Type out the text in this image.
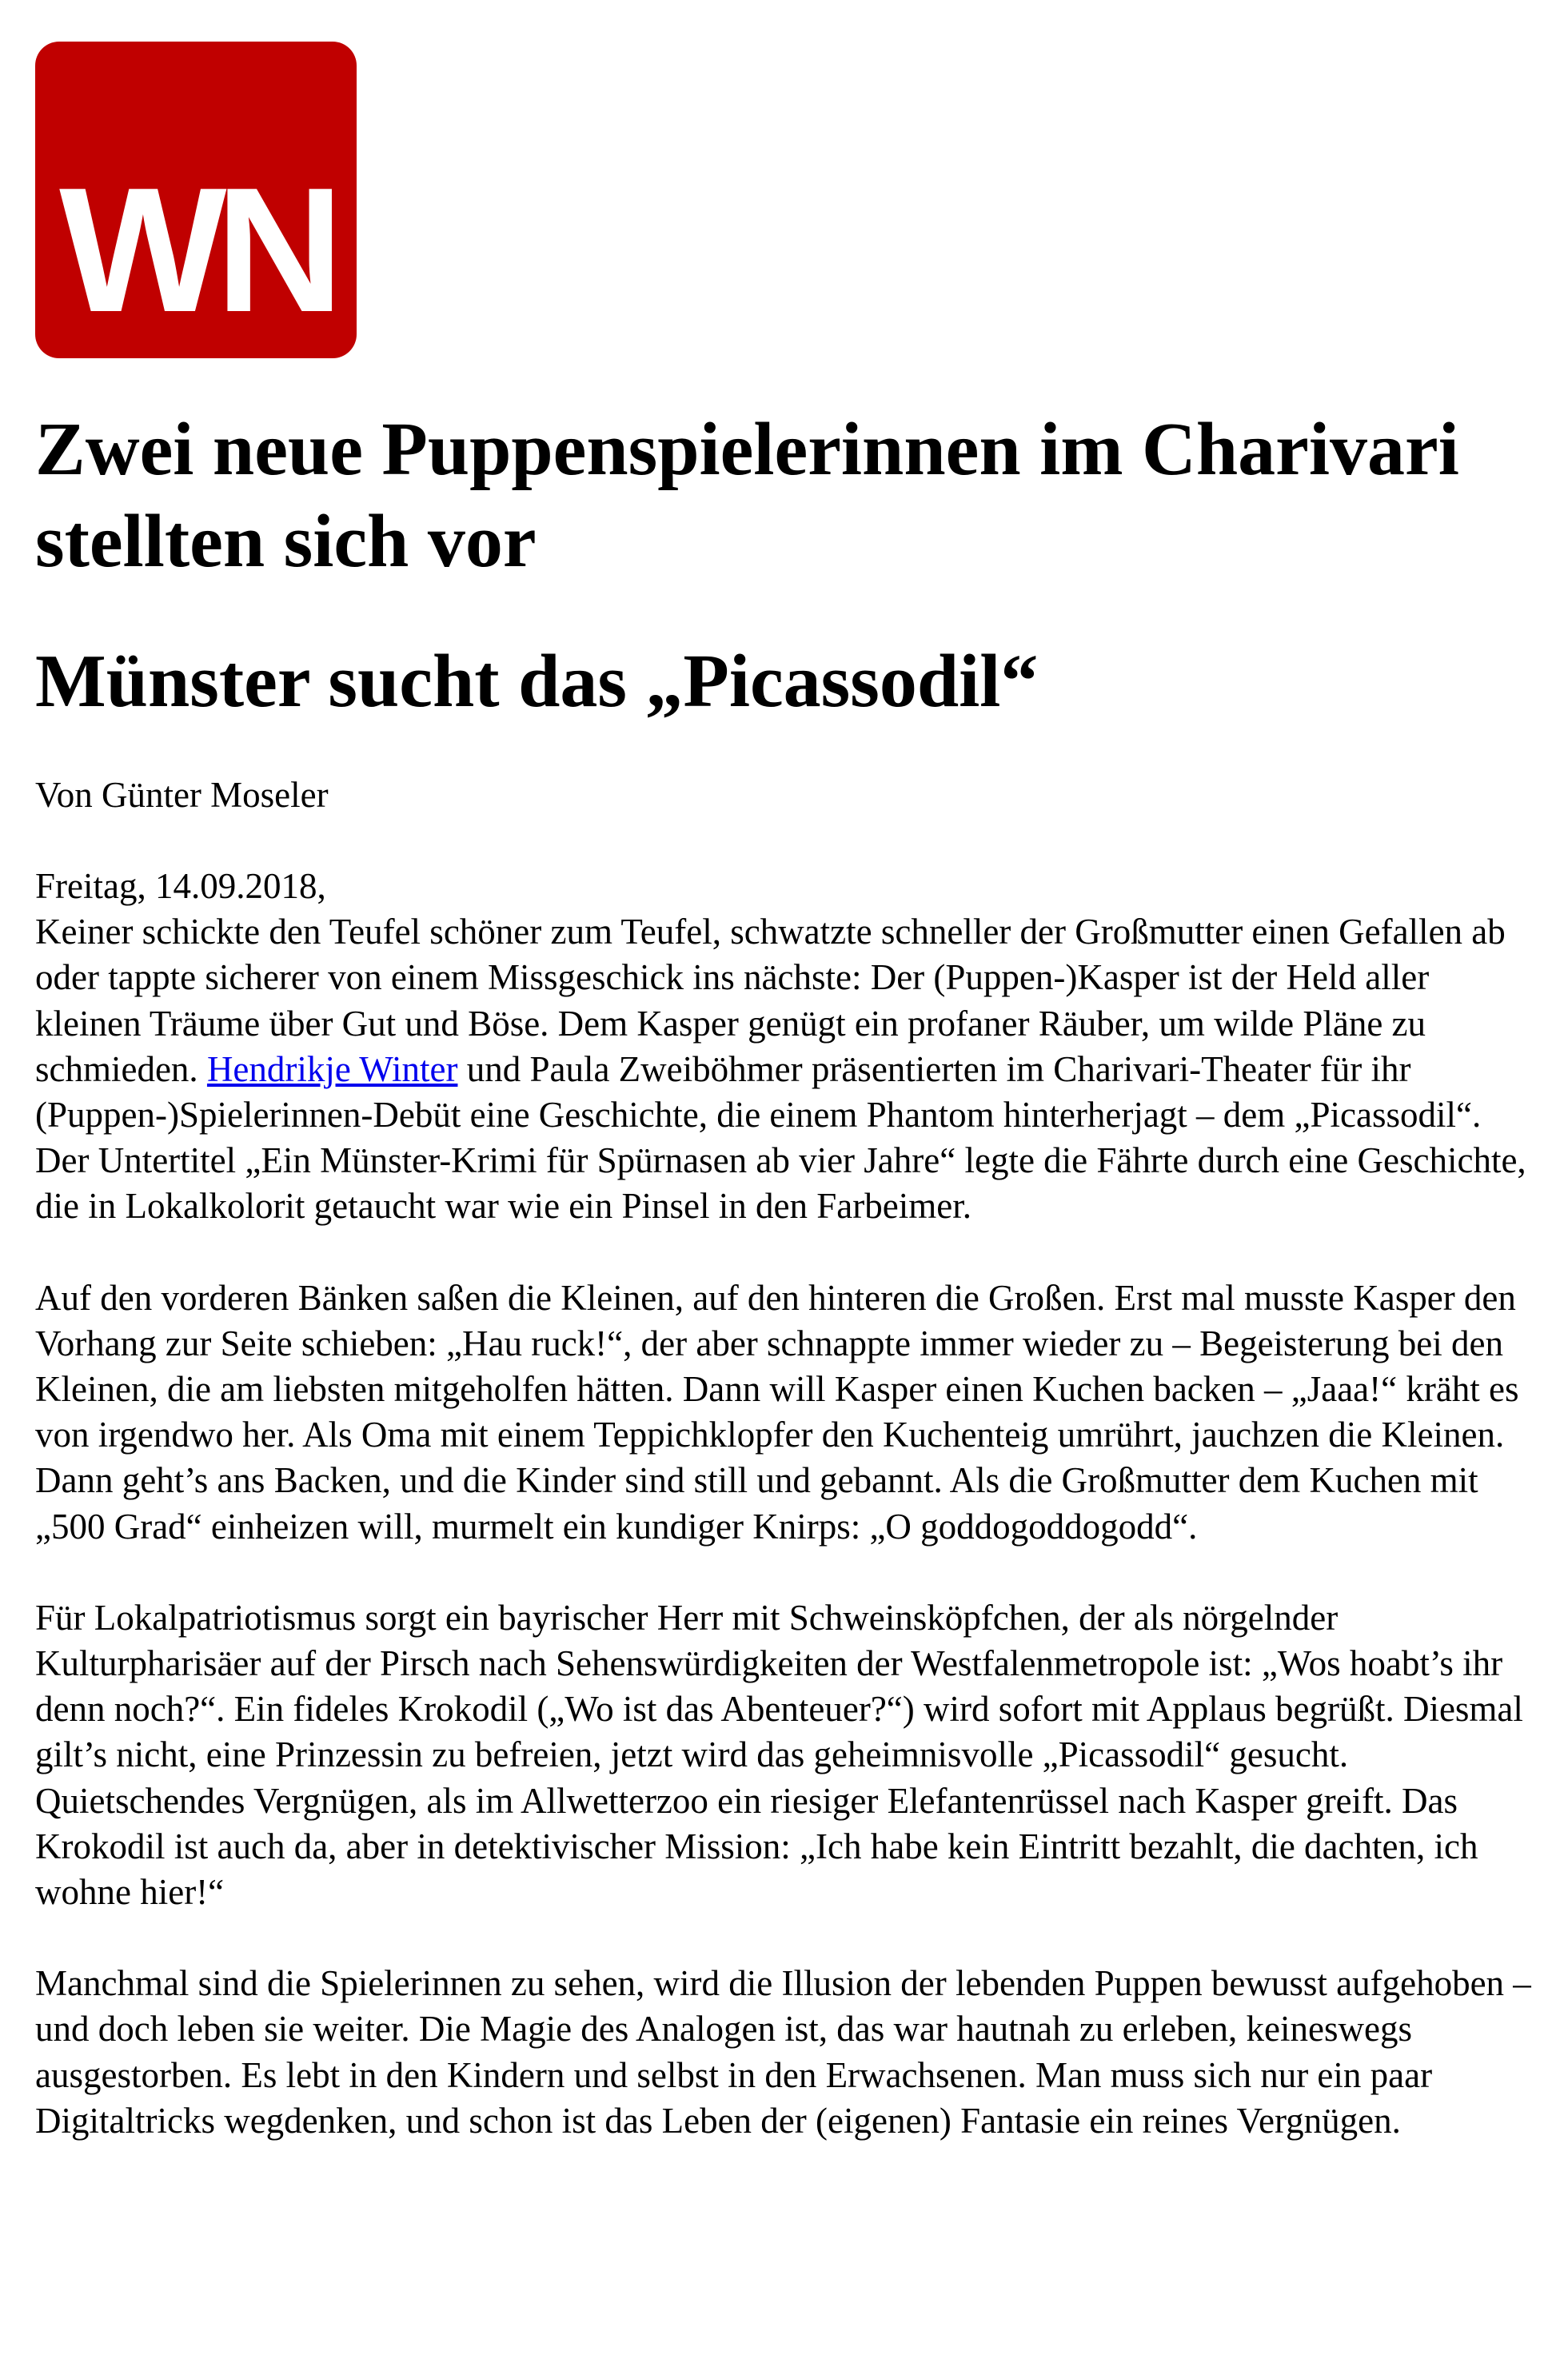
WN
Zwei neue Puppenspielerinnen im Charivari stellten sich vor
Münster sucht das „Picassodil“

Von Günter Moseler

Freitag, 14.09.2018,

Keiner schickte den Teufel schöner zum Teufel, schwatzte schneller der Großmutter einen Gefallen ab oder tappte sicherer von einem Missgeschick ins nächste: Der (Puppen-)Kasper ist der Held aller kleinen Träume über Gut und Böse. Dem Kasper genügt ein profaner Räuber, um wilde Pläne zu schmieden. Hendrikje Winter und Paula Zweiböhmer präsentierten im Charivari-Theater für ihr (Puppen-)Spielerinnen-Debüt eine Geschichte, die einem Phantom hinterherjagt – dem „Picassodil“. Der Untertitel „Ein Münster-Krimi für Spürnasen ab vier Jahre“ legte die Fährte durch eine Geschichte, die in Lokalkolorit getaucht war wie ein Pinsel in den Farbeimer.

Auf den vorderen Bänken saßen die Kleinen, auf den hinteren die Großen. Erst mal musste Kasper den Vorhang zur Seite schieben: „Hau ruck!“, der aber schnappte immer wieder zu – Begeisterung bei den Kleinen, die am liebsten mitgeholfen hätten. Dann will Kasper einen Kuchen backen – „Jaaa!“ kräht es von irgendwo her. Als Oma mit einem Teppichklopfer den Kuchenteig umrührt, jauchzen die Kleinen. Dann geht’s ans Backen, und die Kinder sind still und gebannt. Als die Großmutter dem Kuchen mit „500 Grad“ einheizen will, murmelt ein kundiger Knirps: „O goddogoddogodd“.

Für Lokalpatriotismus sorgt ein bayrischer Herr mit Schweinsköpfchen, der als nörgelnder Kulturpharisäer auf der Pirsch nach Sehenswürdigkeiten der Westfalenmetropole ist: „Wos hoabt’s ihr denn noch?“. Ein fideles Krokodil („Wo ist das Abenteuer?“) wird sofort mit Applaus begrüßt. Diesmal gilt’s nicht, eine Prinzessin zu befreien, jetzt wird das geheimnisvolle „Picassodil“ gesucht. Quietschendes Vergnügen, als im Allwetterzoo ein riesiger Elefantenrüssel nach Kasper greift. Das Krokodil ist auch da, aber in detektivischer Mission: „Ich habe kein Eintritt bezahlt, die dachten, ich wohne hier!“

Manchmal sind die Spielerinnen zu sehen, wird die Illusion der lebenden Puppen bewusst aufgehoben – und doch leben sie weiter. Die Magie des Analogen ist, das war hautnah zu erleben, keineswegs ausgestorben. Es lebt in den Kindern und selbst in den Erwachsenen. Man muss sich nur ein paar Digitaltricks wegdenken, und schon ist das Leben der (eigenen) Fantasie ein reines Vergnügen.
